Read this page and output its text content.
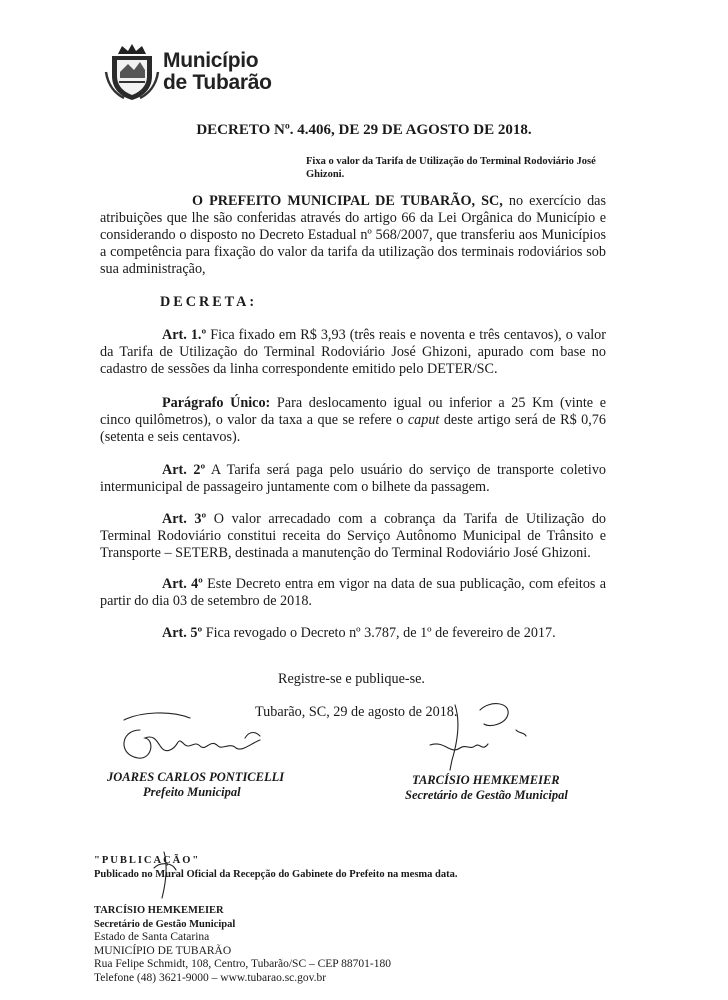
Município
de Tubarão
DECRETO Nº. 4.406, DE 29 DE AGOSTO DE 2018.
Fixa o valor da Tarifa de Utilização do Terminal Rodoviário José Ghizoni.
O PREFEITO MUNICIPAL DE TUBARÃO, SC, no exercício das atribuições que lhe são conferidas através do artigo 66 da Lei Orgânica do Município e considerando o disposto no Decreto Estadual nº 568/2007, que transferiu aos Municípios a competência para fixação do valor da tarifa da utilização dos terminais rodoviários sob sua administração,
DECRETA:
Art. 1.º Fica fixado em R$ 3,93 (três reais e noventa e três centavos), o valor da Tarifa de Utilização do Terminal Rodoviário José Ghizoni, apurado com base no cadastro de sessões da linha correspondente emitido pelo DETER/SC.
Parágrafo Único: Para deslocamento igual ou inferior a 25 Km (vinte e cinco quilômetros), o valor da taxa a que se refere o caput deste artigo será de R$ 0,76 (setenta e seis centavos).
Art. 2º A Tarifa será paga pelo usuário do serviço de transporte coletivo intermunicipal de passageiro juntamente com o bilhete da passagem.
Art. 3º O valor arrecadado com a cobrança da Tarifa de Utilização do Terminal Rodoviário constitui receita do Serviço Autônomo Municipal de Trânsito e Transporte – SETERB, destinada a manutenção do Terminal Rodoviário José Ghizoni.
Art. 4º Este Decreto entra em vigor na data de sua publicação, com efeitos a partir do dia 03 de setembro de 2018.
Art. 5º Fica revogado o Decreto nº 3.787, de 1º de fevereiro de 2017.
Registre-se e publique-se.
Tubarão, SC, 29 de agosto de 2018.
JOARES CARLOS PONTICELLI
Prefeito Municipal
TARCÍSIO HEMKEMEIER
Secretário de Gestão Municipal
"PUBLICAÇÃO"
Publicado no Mural Oficial da Recepção do Gabinete do Prefeito na mesma data.
TARCÍSIO HEMKEMEIER
Secretário de Gestão Municipal
Estado de Santa Catarina
MUNICÍPIO DE TUBARÃO
Rua Felipe Schmidt, 108, Centro, Tubarão/SC – CEP 88701-180
Telefone (48) 3621-9000 – www.tubarao.sc.gov.br
